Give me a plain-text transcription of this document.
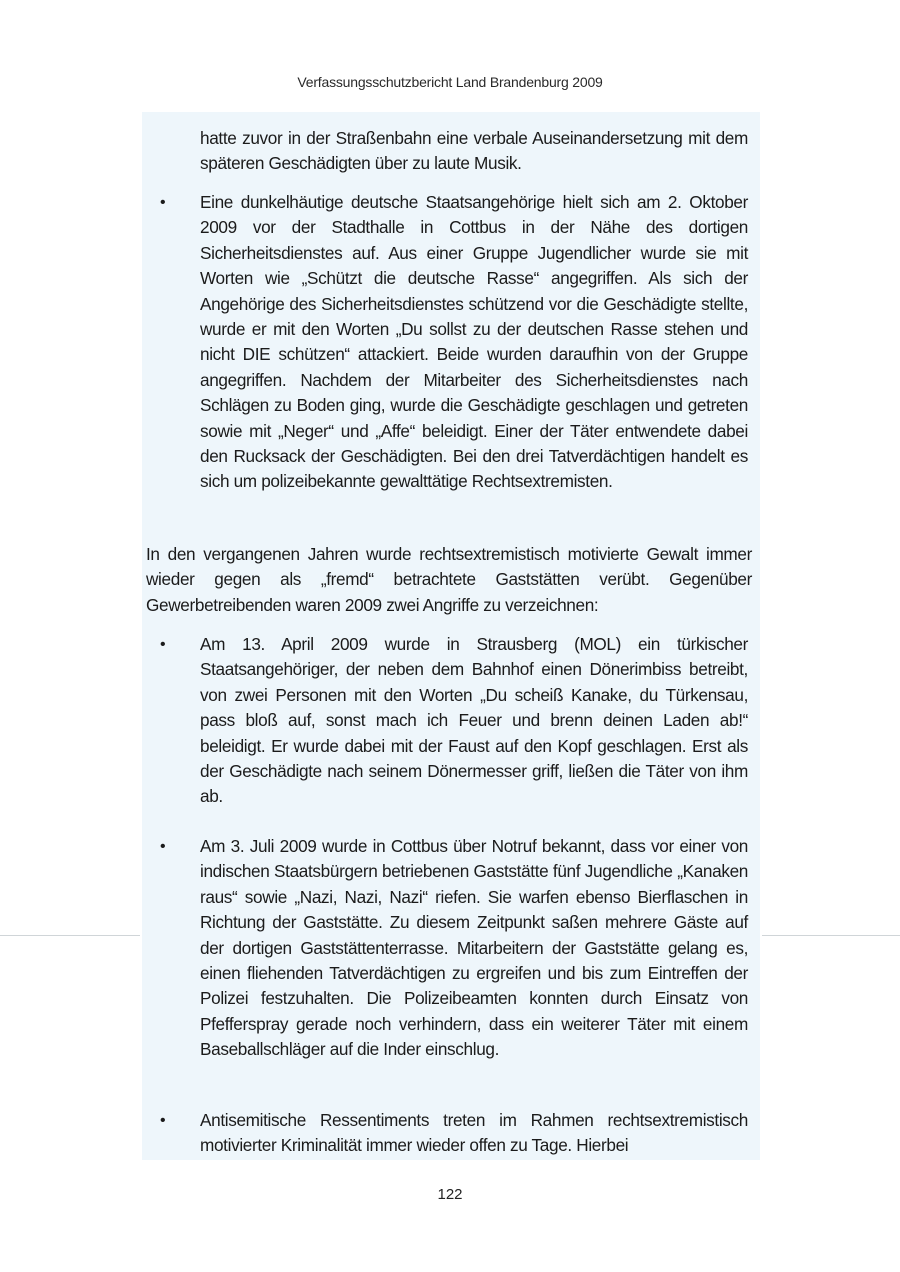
Verfassungsschutzbericht Land Brandenburg 2009

hatte zuvor in der Straßenbahn eine verbale Auseinandersetzung mit dem späteren Geschädigten über zu laute Musik.

• Eine dunkelhäutige deutsche Staatsangehörige hielt sich am 2. Oktober 2009 vor der Stadthalle in Cottbus in der Nähe des dortigen Sicherheitsdienstes auf. Aus einer Gruppe Jugendlicher wurde sie mit Worten wie „Schützt die deutsche Rasse“ angegriffen. Als sich der Angehörige des Sicherheitsdienstes schützend vor die Geschädigte stellte, wurde er mit den Worten „Du sollst zu der deutschen Rasse stehen und nicht DIE schützen“ attackiert. Beide wurden daraufhin von der Gruppe angegriffen. Nachdem der Mitarbeiter des Sicherheitsdienstes nach Schlägen zu Boden ging, wurde die Geschädigte geschlagen und getreten sowie mit „Neger“ und „Affe“ beleidigt. Einer der Täter entwendete dabei den Rucksack der Geschädigten. Bei den drei Tatverdächtigen handelt es sich um polizeibekannte gewalttätige Rechtsextremisten.

In den vergangenen Jahren wurde rechtsextremistisch motivierte Gewalt immer wieder gegen als „fremd“ betrachtete Gaststätten verübt. Gegenüber Gewerbetreibenden waren 2009 zwei Angriffe zu verzeichnen:

• Am 13. April 2009 wurde in Strausberg (MOL) ein türkischer Staatsangehöriger, der neben dem Bahnhof einen Dönerimbiss betreibt, von zwei Personen mit den Worten „Du scheiß Kanake, du Türkensau, pass bloß auf, sonst mach ich Feuer und brenn deinen Laden ab!“ beleidigt. Er wurde dabei mit der Faust auf den Kopf geschlagen. Erst als der Geschädigte nach seinem Dönermesser griff, ließen die Täter von ihm ab.

• Am 3. Juli 2009 wurde in Cottbus über Notruf bekannt, dass vor einer von indischen Staatsbürgern betriebenen Gaststätte fünf Jugendliche „Kanaken raus“ sowie „Nazi, Nazi, Nazi“ riefen. Sie warfen ebenso Bierflaschen in Richtung der Gaststätte. Zu diesem Zeitpunkt saßen mehrere Gäste auf der dortigen Gaststättenterrasse. Mitarbeitern der Gaststätte gelang es, einen fliehenden Tatverdächtigen zu ergreifen und bis zum Eintreffen der Polizei festzuhalten. Die Polizeibeamten konnten durch Einsatz von Pfefferspray gerade noch verhindern, dass ein weiterer Täter mit einem Baseballschläger auf die Inder einschlug.

• Antisemitische Ressentiments treten im Rahmen rechtsextremistisch motivierter Kriminalität immer wieder offen zu Tage. Hierbei

122
